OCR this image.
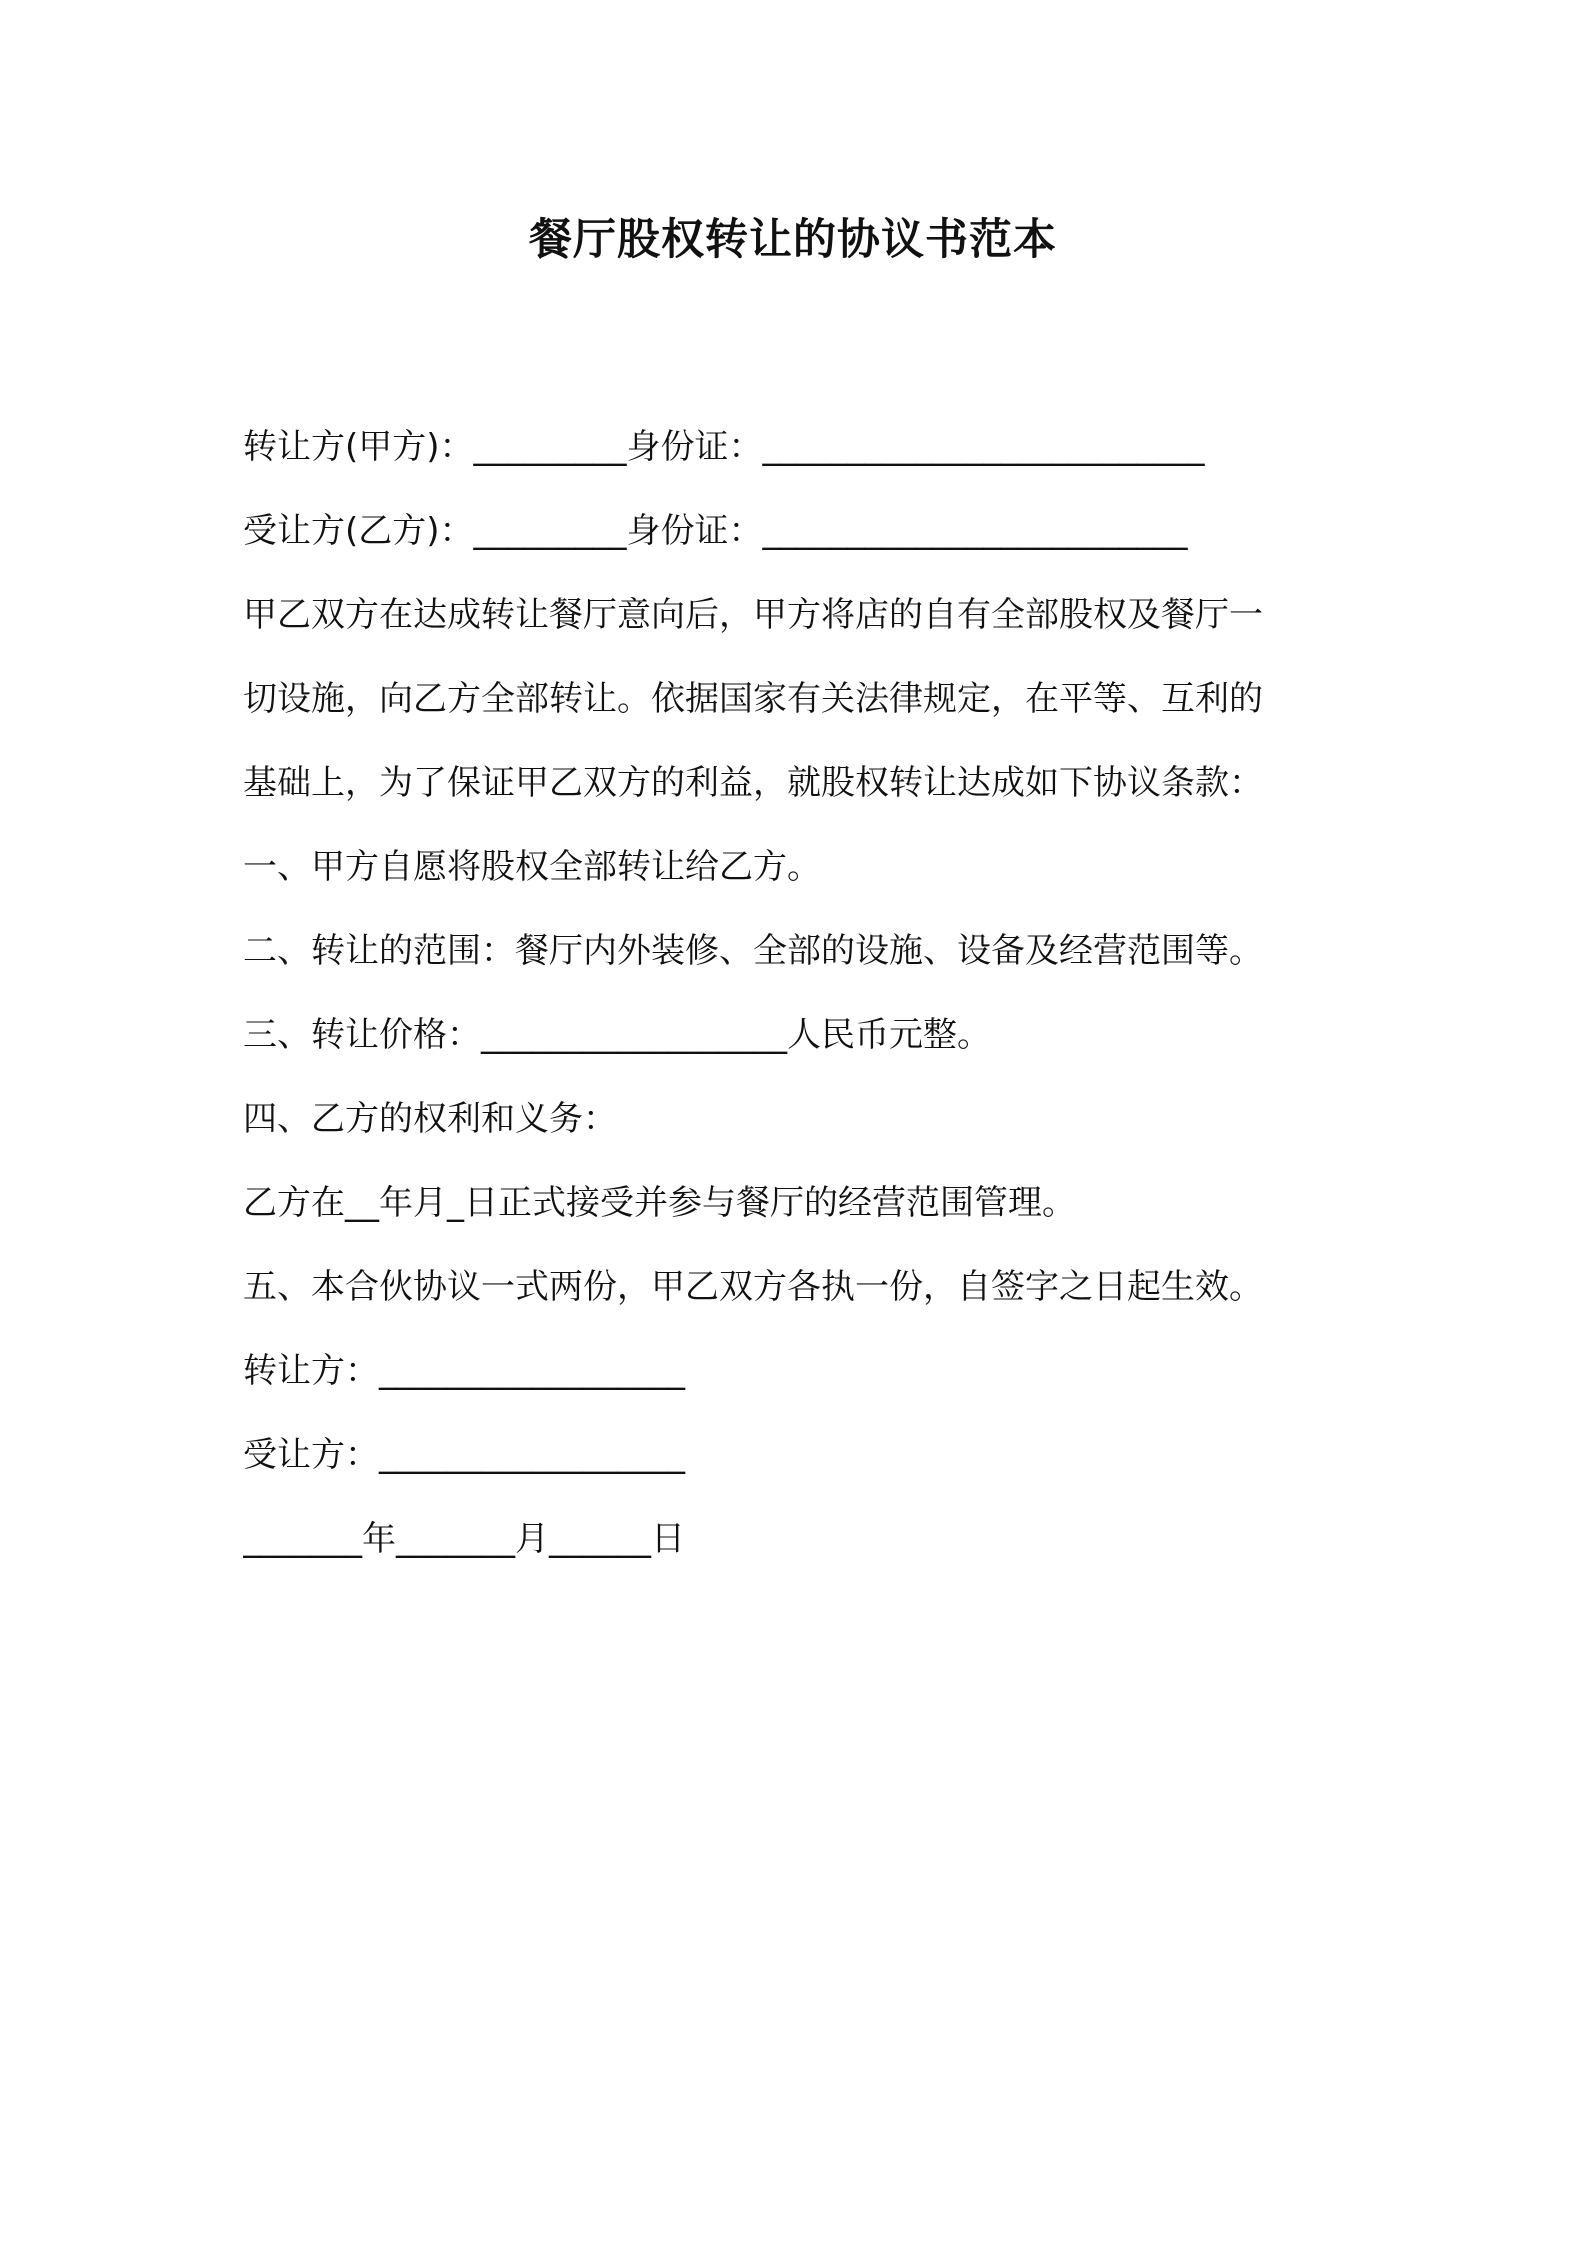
餐厅股权转让的协议书范本
转让方(甲方)：_________身份证：__________________________
受让方(乙方)：_________身份证：_________________________
甲乙双方在达成转让餐厅意向后，甲方将店的自有全部股权及餐厅一
切设施，向乙方全部转让。依据国家有关法律规定，在平等、互利的
基础上，为了保证甲乙双方的利益，就股权转让达成如下协议条款：
一、甲方自愿将股权全部转让给乙方。
二、转让的范围：餐厅内外装修、全部的设施、设备及经营范围等。
三、转让价格：__________________人民币元整。
四、乙方的权利和义务：
乙方在__年月_日正式接受并参与餐厅的经营范围管理。
五、本合伙协议一式两份，甲乙双方各执一份，自签字之日起生效。
转让方：__________________
受让方：__________________
_______年_______月______日
